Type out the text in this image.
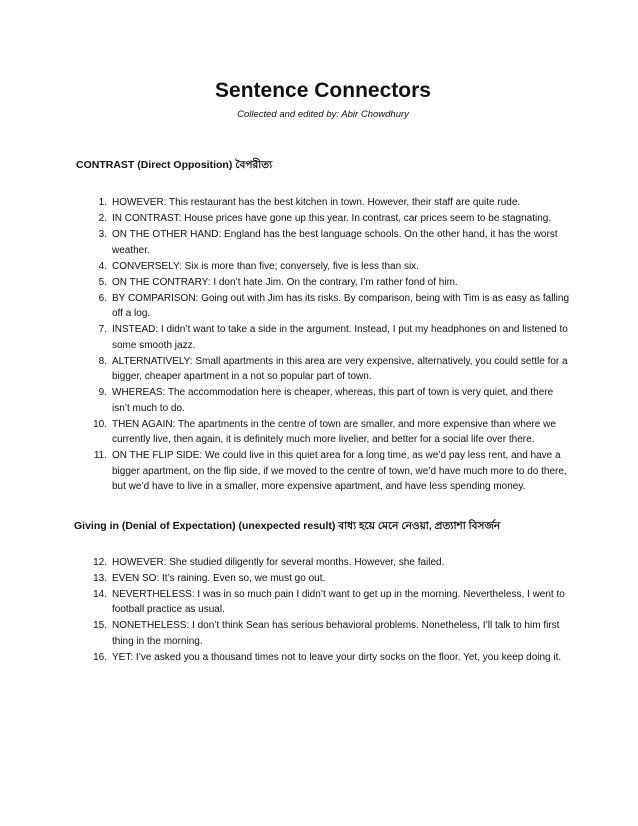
Sentence Connectors
Collected and edited by: Abir Chowdhury
CONTRAST (Direct Opposition) বৈপরীত্য
1. HOWEVER: This restaurant has the best kitchen in town. However, their staff are quite rude.
2. IN CONTRAST: House prices have gone up this year. In contrast, car prices seem to be stagnating.
3. ON THE OTHER HAND: England has the best language schools. On the other hand, it has the worst weather.
4. CONVERSELY: Six is more than five; conversely, five is less than six.
5. ON THE CONTRARY: I don’t hate Jim. On the contrary, I’m rather fond of him.
6. BY COMPARISON: Going out with Jim has its risks. By comparison, being with Tim is as easy as falling off a log.
7. INSTEAD: I didn’t want to take a side in the argument. Instead, I put my headphones on and listened to some smooth jazz.
8. ALTERNATIVELY: Small apartments in this area are very expensive, alternatively, you could settle for a bigger, cheaper apartment in a not so popular part of town.
9. WHEREAS: The accommodation here is cheaper, whereas, this part of town is very quiet, and there isn’t much to do.
10. THEN AGAIN: The apartments in the centre of town are smaller, and more expensive than where we currently live, then again, it is definitely much more livelier, and better for a social life over there.
11. ON THE FLIP SIDE: We could live in this quiet area for a long time, as we’d pay less rent, and have a bigger apartment, on the flip side, if we moved to the centre of town, we’d have much more to do there, but we’d have to live in a smaller, more expensive apartment, and have less spending money.
Giving in (Denial of Expectation) (unexpected result) বাধ্য হয়ে মেনে নেওয়া, প্রত্যাশা বিসর্জন
12. HOWEVER: She studied diligently for several months. However, she failed.
13. EVEN SO: It’s raining. Even so, we must go out.
14. NEVERTHELESS: I was in so much pain I didn’t want to get up in the morning. Nevertheless, I went to football practice as usual.
15. NONETHELESS: I don’t think Sean has serious behavioral problems. Nonetheless, I’ll talk to him first thing in the morning.
16. YET: I’ve asked you a thousand times not to leave your dirty socks on the floor. Yet, you keep doing it.
